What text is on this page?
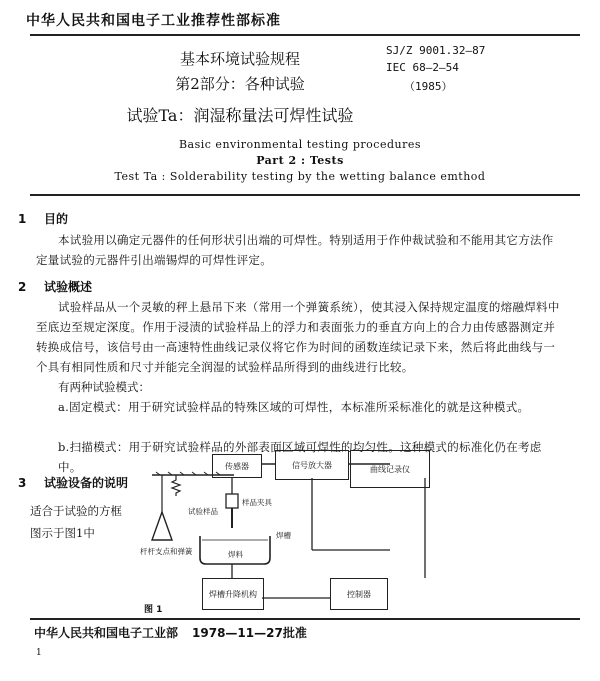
中华人民共和国电子工业推荐性部标准
基本环境试验规程
第2部分：各种试验
试验Ta：润湿称量法可焊性试验
SJ/Z 9001.32—87
IEC 68—2—54
（1985）
Basic environmental testing procedures
Part 2 : Tests
Test Ta : Solderability testing by the wetting balance emthod
1 目的
本试验用以确定元器件的任何形状引出端的可焊性。特别适用于作仲裁试验和不能用其它方法作定量试验的元器件引出端锡焊的可焊性评定。
2 试验概述
试验样品从一个灵敏的秤上悬吊下来（常用一个弹簧系统），使其浸入保持规定温度的熔融焊料中至底边至规定深度。作用于浸渍的试验样品上的浮力和表面张力的垂直方向上的合力由传感器测定并转换成信号，该信号由一高速特性曲线记录仪将它作为时间的函数连续记录下来，然后将此曲线与一个具有相同性质和尺寸并能完全润湿的试验样品所得到的曲线进行比较。
有两种试验模式：
a.固定模式：用于研究试验样品的特殊区域的可焊性，本标准所采标准化的就是这种模式。
b.扫描模式：用于研究试验样品的外部表面区域可焊性的均匀性。这种模式的标准化仍在考虑中。
3 试验设备的说明
适合于试验的方框
图示于图1中
传感器	信号放大器	曲线记录仪
样品夹具
试验样品
杆杆支点和弹簧
焊槽
焊料
焊槽升降机构	控制器
图 1
中华人民共和国电子工业部 1978—11—27批准
1
